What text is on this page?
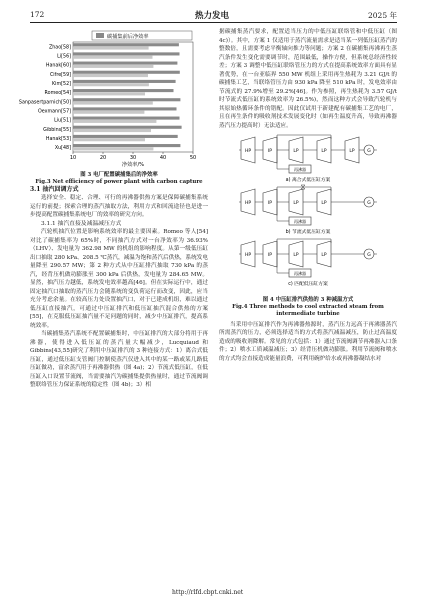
172	热力发电	2025 年
碳捕集前后净效率
Zhao[58]
Li[56]
Hanak[60]
Cifre[59]
Kim[52]
Romeo[54]
Sanpasertparnich[50]
Oexmann[57]
Liu[51]
Gibbins[55]
Hanak[53]
Xu[48]
10	20	30	40	50
净效率/%
图 3 电厂配置碳捕集后的净效率
Fig.3 Net efficiency of power plant with carbon capture

3.1 抽汽回调方式

选择安全、稳定、合理、可行的再沸器供热方案是保障碳捕集系统运行的前提；探索合理的蒸汽抽取方法，利用方式和回流途径也是进一步提高配置碳捕集系统电厂的效率的研究方向。

3.1.1 抽汽直接及减温减压方式

汽轮机抽汽位置是影响系统效率的最主要因素。Romeo 等人[54]对比了碳捕集率为 65%时，不同抽汽方式对一台净效率为 36.93%（LHV）、发电量为 362.98 MW 的机组的影响程度。从第一级低压缸出口抽取 280 kPa、208.5 ℃蒸汽，减温为饱和蒸汽后供热，系统发电量降至 290.57 MW；第 2 种方式从中压缸排汽抽取 730 kPa 的蒸汽，经背压机做功膨胀至 300 kPa 后供热，发电量为 284.65 MW。显然，抽汽压力越低，系统发电效率越高[46]。但在实际运行中，通过固定抽汽口抽取的蒸汽压力会随系统的变负荷运行而改变，因此，应当充分考虑余量。在较高压力处设置抽汽口，对于已建成机组，难以通过低压缸直接抽汽，可通过中压缸排汽和低压缸抽汽混合供热的方案[55]，在克服低压缸抽汽量不足问题的同时，减少中压缸排汽，提高系统效率。

当碳捕集蒸汽系统不配置碳捕集时，中压缸排汽的大部分将用于再沸器，使得进入低压缸的蒸汽量大幅减少，Lucquiaud 和 Gibbins[43,55]研究了利用中压缸排汽的 3 种连接方式：1）离合式低压缸，通过低压缸支管阀门控制使蒸汽仅进入其中的某一路或某几路低压缸做功，富余蒸汽用于再沸器供热（图 4a)；2）节流式低压缸，在低压缸入口设置节流阀，当需要抽汽为碳捕集提供热量时，通过节流阀调整联络管压力保证系统的稳定性（图 4b)；3）相

据碳捕集蒸汽要求，配置适当压力的中低压缸联络管和中低压缸（图 4c)）。其中，方案 1 仅适用于蒸汽流量需求是适当某一列低压缸蒸汽的整数倍，且需要考虑平衡轴向推力等问题；方案 2 在碳捕集再沸再生蒸汽条件发生变化需要调节时，范围最低，操作方便，但系统总经济性较差；方案 3 调整中低压缸联络管压力的方式在提高系统效率方面具有显著优势，在一台亚临界 550 MW 机组上采用再生热耗为 3.21 GJ/t 的碳捕集工艺，当联络管压力由 930 kPa 降至 510 kPa 时，发电效率由节流式的 27.9%增至 29.2%[46]。作为参照，再生热耗为 3.57 GJ/t 时节流式低压缸的系统效率为 26.5%)，然而这种方式会导致汽轮机与其原始热循环条件的错配。因此仅试用于新建配有碳捕集工艺的电厂，且在再生条件的吸收剂技术发展变化时（如再生温度升高，导致再沸器蒸汽压力提高时）无法适应。

HP	IP	LP	LP	LP	G
再沸器
a) 离合式低压缸方案
HP	IP	LP	LP	G
再沸器
b) 节流式低压缸方案
HP	IP	LP	LP	G
再沸器
c) 匹配低压缸方案
图 4 中压缸排汽供热的 3 种减温方式
Fig.4 Three methods to cool extracted steam from
intermediate turbine

当采用中压缸排汽作为再沸器热源时，蒸汽压力远高于再沸器蒸汽所需蒸汽的压力，必须选择适当的方式将蒸汽减温减压，防止过高温度造成的吸收剂降解。常见的方式包括：1）通过节流阀调节再沸器入口条件；2）喷水工质减温减压；3）经背压机做功膨胀。利用节流阀和喷水的方式均会直接造成能量浪费，可利用碗炉给水或再沸器凝结水对

http://rlfd.cbpt.cnki.net
